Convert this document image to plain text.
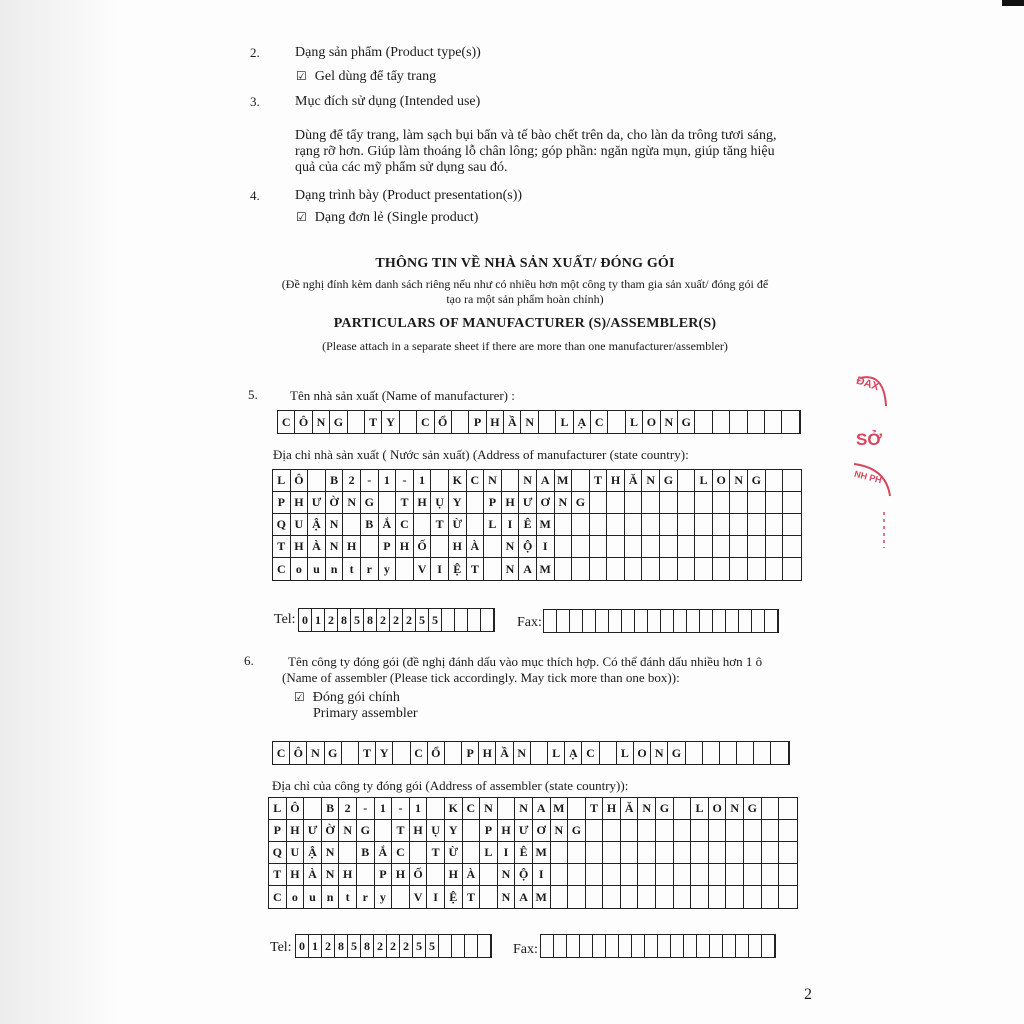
2.	Dạng sản phẩm (Product type(s))
☑ Gel dùng để tẩy trang
3.	Mục đích sử dụng (Intended use)
Dùng để tẩy trang, làm sạch bụi bẩn và tế bào chết trên da, cho làn da trông tươi sáng, rạng rỡ hơn. Giúp làm thoáng lỗ chân lông; góp phần: ngăn ngừa mụn, giúp tăng hiệu quả của các mỹ phẩm sử dụng sau đó.
4.	Dạng trình bày (Product presentation(s))
☑ Dạng đơn lẻ (Single product)
THÔNG TIN VỀ NHÀ SẢN XUẤT/ ĐÓNG GÓI
(Đề nghị đính kèm danh sách riêng nếu như có nhiều hơn một công ty tham gia sản xuất/ đóng gói để
tạo ra một sản phẩm hoàn chỉnh)
PARTICULARS OF MANUFACTURER (S)/ASSEMBLER(S)
(Please attach in a separate sheet if there are more than one manufacturer/assembler)
5. Tên nhà sản xuất (Name of manufacturer) :
C Ô N G	T Y	C Ổ	P H Ầ N	L Ạ C	L O N G
Địa chỉ nhà sản xuất ( Nước sản xuất) (Address of manufacturer (state country):
L Ô	B 2	-	1	-	1	K C N	N A M	T H Ă N G	L O N G
P H Ư Ờ N G	T H Ụ Y	P H Ư Ơ N G
Q U Ậ N	B Ắ C	T Ừ	L I Ê M
T H À N H	P H Ố	H À	N Ộ I
C o u n	t	r y	V I Ệ T	N A M
Tel: 0 1 2 8 5 8 2 2 2 5 5	Fax:
6.	Tên công ty đóng gói (đề nghị đánh dấu vào mục thích hợp. Có thể đánh dấu nhiều hơn 1 ô
(Name of assembler (Please tick accordingly. May tick more than one box)):
☑ Đóng gói chính
Primary assembler
C Ô N G	T Y	C Ổ	P H Ầ N	L Ạ C	L O N G
Địa chỉ của công ty đóng gói (Address of assembler (state country)):
L Ô	B 2	-	1	-	1	K C N	N A M	T H Ă N G	L O N G
P H Ư Ờ N G	T H Ụ Y	P H Ư Ơ N G
Q U Ậ N	B Ắ C	T Ừ	L I Ê M
T H À N H	P H Ố	H À	N Ộ I
C o u n	t	r y	V I Ệ T	N A M
Tel: 0 1 2 8 5 8 2 2 2 5 5	Fax:
2
ĐAX
SỞ
NH PH
